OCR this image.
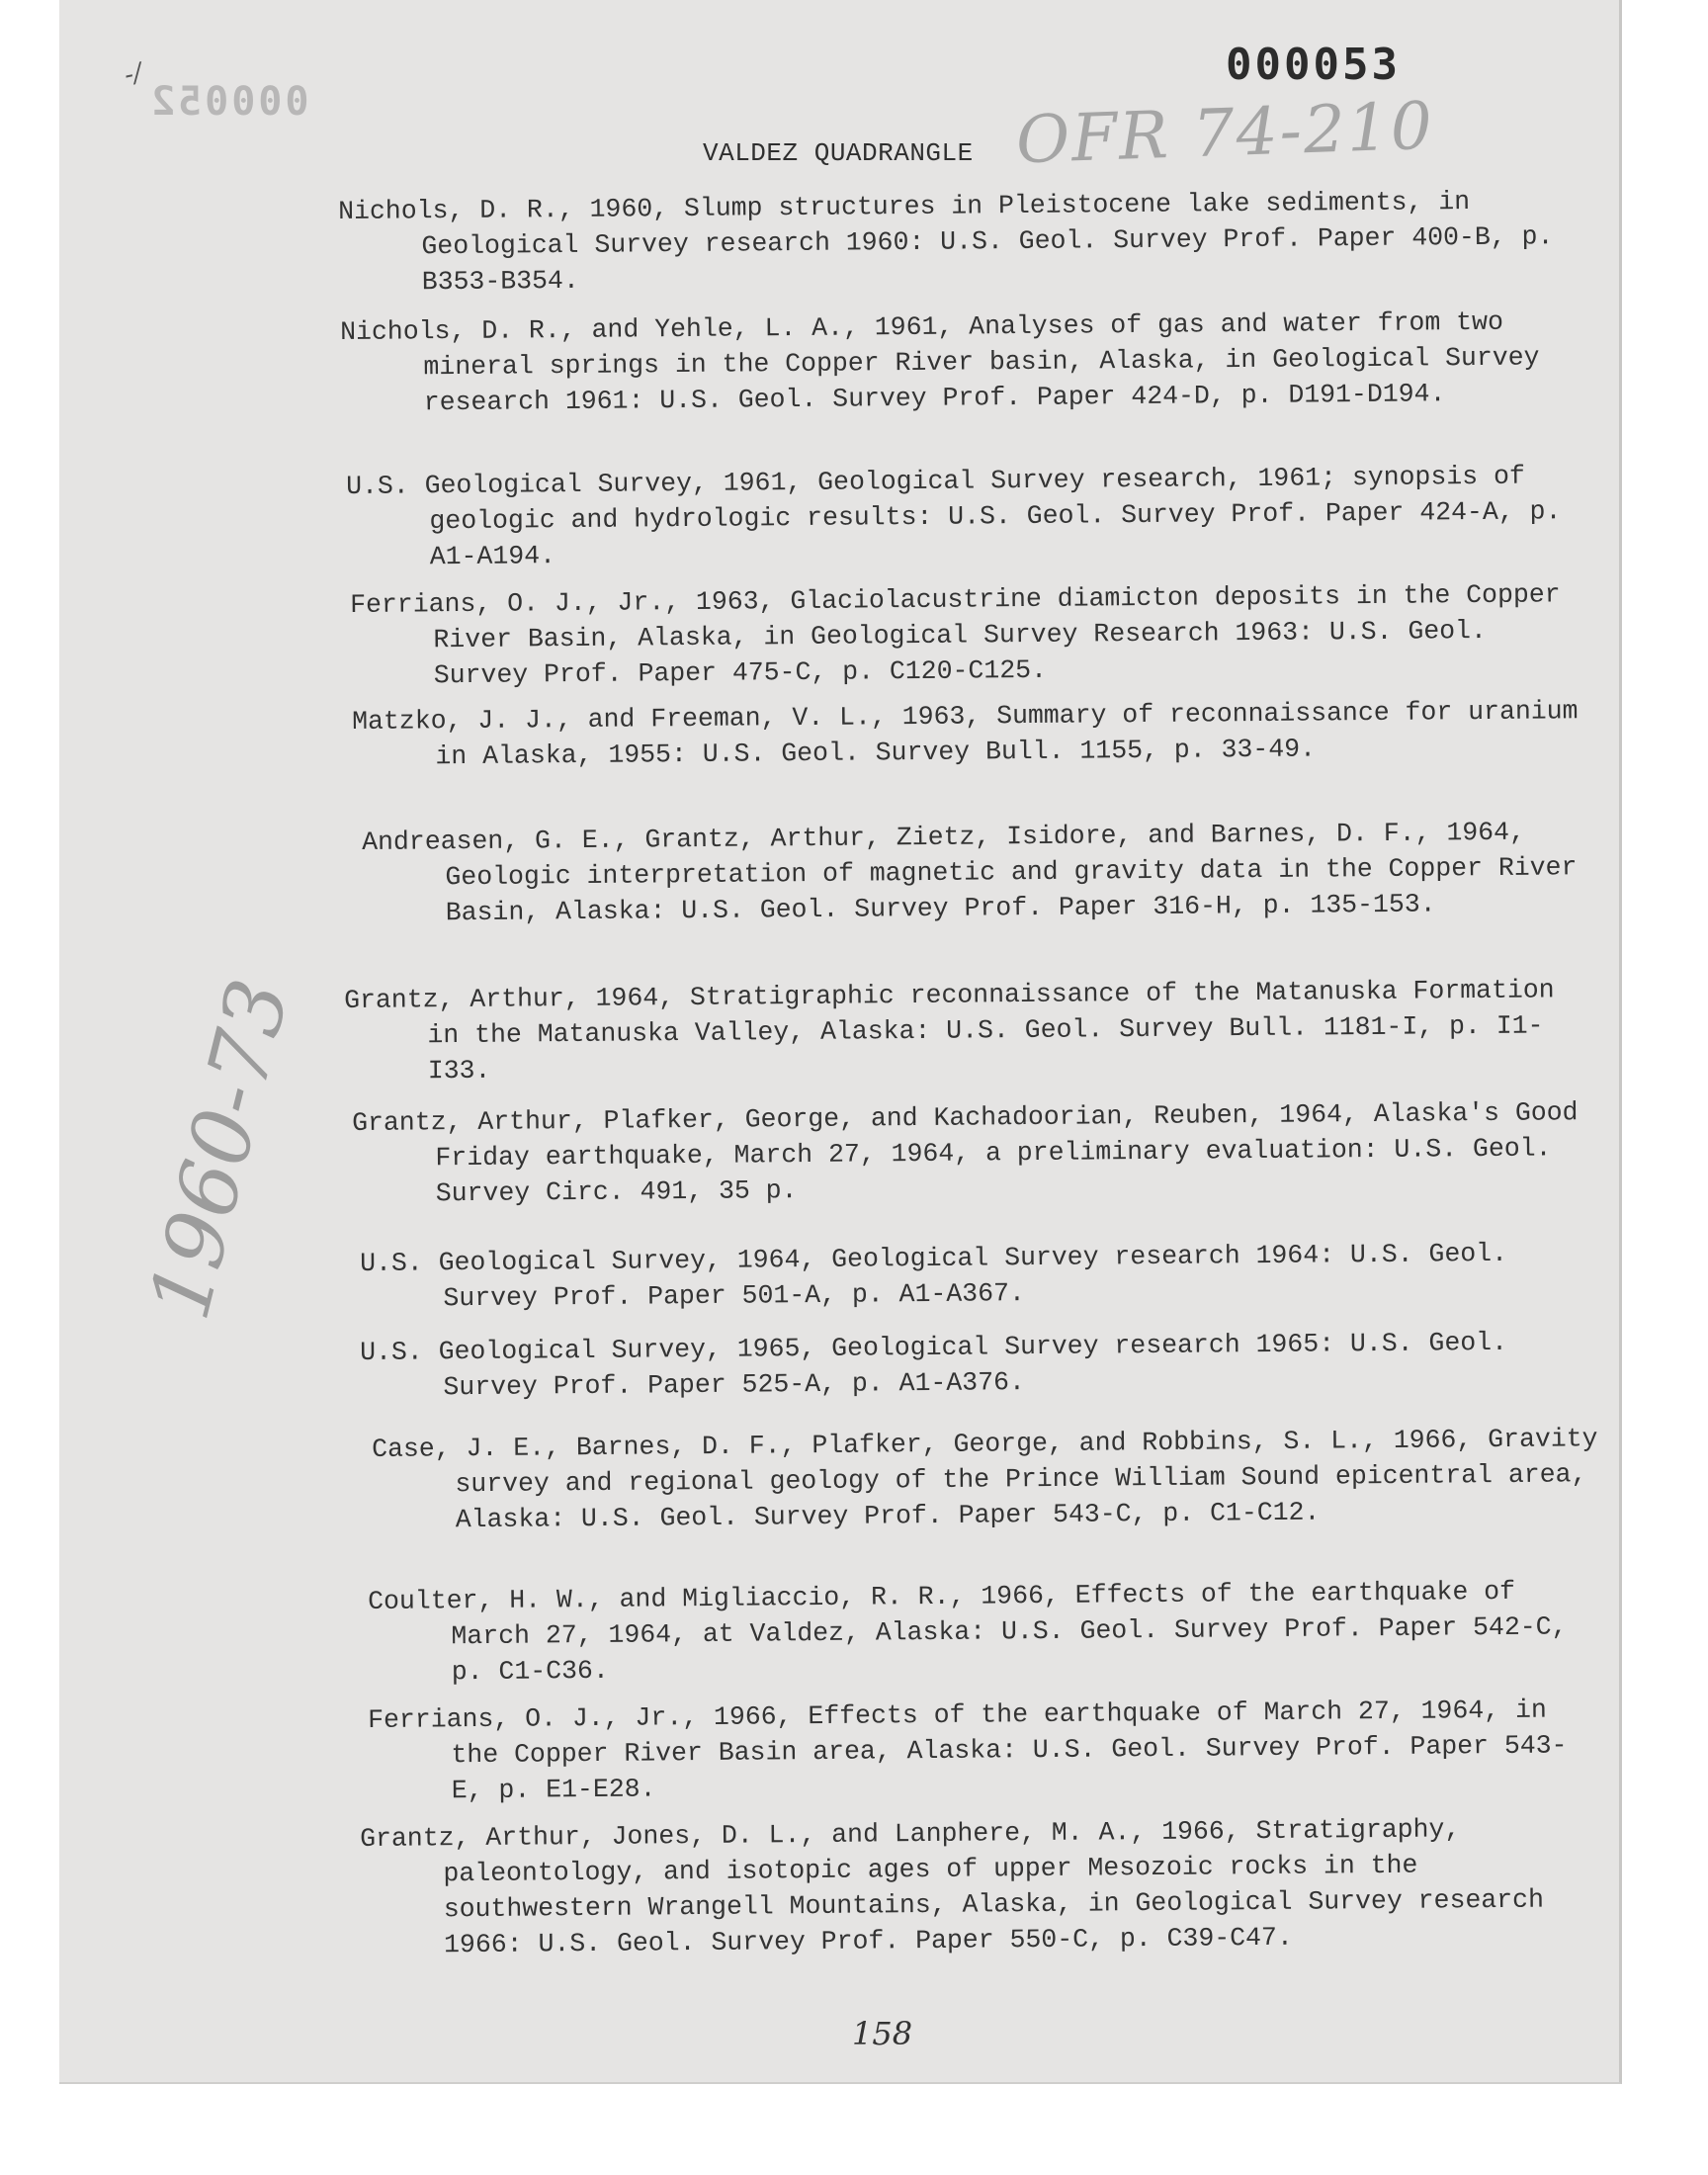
000052
-/	000053
VALDEZ QUADRANGLE OFR 74-210
1960-73
Nichols, D. R., 1960, Slump structures in Pleistocene lake sediments, in Geological Survey research 1960: U.S. Geol. Survey Prof. Paper 400-B, p. B353-B354.
Nichols, D. R., and Yehle, L. A., 1961, Analyses of gas and water from two mineral springs in the Copper River basin, Alaska, in Geological Survey research 1961: U.S. Geol. Survey Prof. Paper 424-D, p. D191-D194.
U.S. Geological Survey, 1961, Geological Survey research, 1961; synopsis of geologic and hydrologic results: U.S. Geol. Survey Prof. Paper 424-A, p. A1-A194.
Ferrians, O. J., Jr., 1963, Glaciolacustrine diamicton deposits in the Copper River Basin, Alaska, in Geological Survey Research 1963: U.S. Geol. Survey Prof. Paper 475-C, p. C120-C125.
Matzko, J. J., and Freeman, V. L., 1963, Summary of reconnaissance for uranium in Alaska, 1955: U.S. Geol. Survey Bull. 1155, p. 33-49.
Andreasen, G. E., Grantz, Arthur, Zietz, Isidore, and Barnes, D. F., 1964, Geologic interpretation of magnetic and gravity data in the Copper River Basin, Alaska: U.S. Geol. Survey Prof. Paper 316-H, p. 135-153.
Grantz, Arthur, 1964, Stratigraphic reconnaissance of the Matanuska Formation in the Matanuska Valley, Alaska: U.S. Geol. Survey Bull. 1181-I, p. I1-I33.
Grantz, Arthur, Plafker, George, and Kachadoorian, Reuben, 1964, Alaska's Good Friday earthquake, March 27, 1964, a preliminary evaluation: U.S. Geol. Survey Circ. 491, 35 p.
U.S. Geological Survey, 1964, Geological Survey research 1964: U.S. Geol. Survey Prof. Paper 501-A, p. A1-A367.
U.S. Geological Survey, 1965, Geological Survey research 1965: U.S. Geol. Survey Prof. Paper 525-A, p. A1-A376.
Case, J. E., Barnes, D. F., Plafker, George, and Robbins, S. L., 1966, Gravity survey and regional geology of the Prince William Sound epicentral area, Alaska: U.S. Geol. Survey Prof. Paper 543-C, p. C1-C12.
Coulter, H. W., and Migliaccio, R. R., 1966, Effects of the earthquake of March 27, 1964, at Valdez, Alaska: U.S. Geol. Survey Prof. Paper 542-C, p. C1-C36.
Ferrians, O. J., Jr., 1966, Effects of the earthquake of March 27, 1964, in the Copper River Basin area, Alaska: U.S. Geol. Survey Prof. Paper 543-E, p. E1-E28.
Grantz, Arthur, Jones, D. L., and Lanphere, M. A., 1966, Stratigraphy, paleontology, and isotopic ages of upper Mesozoic rocks in the southwestern Wrangell Mountains, Alaska, in Geological Survey research 1966: U.S. Geol. Survey Prof. Paper 550-C, p. C39-C47.
158
